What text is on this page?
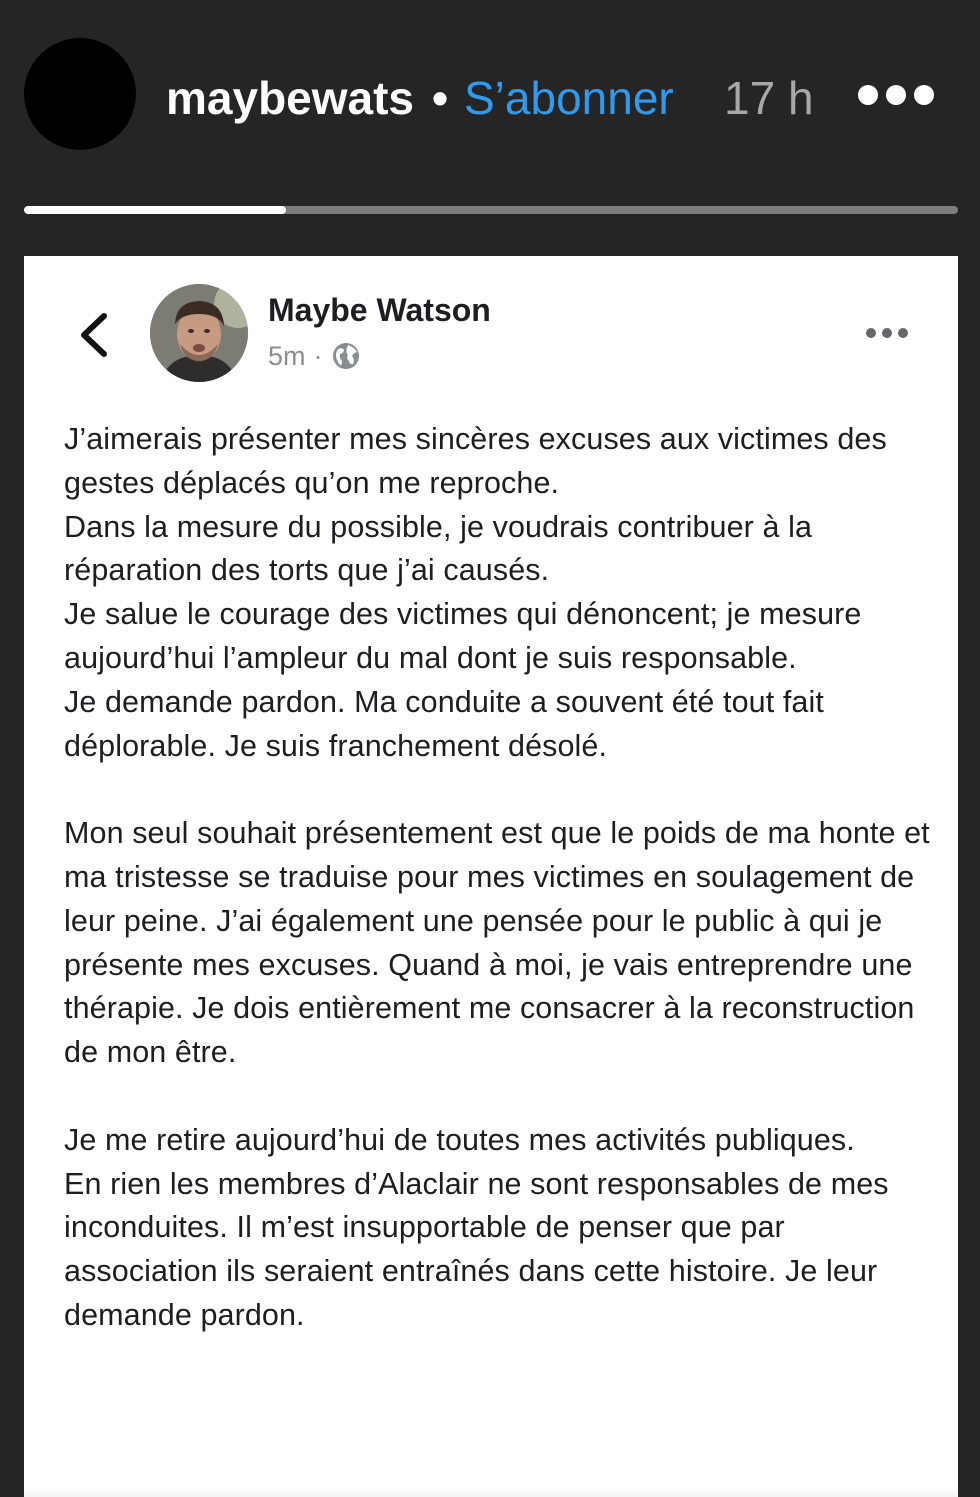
maybewats • S’abonner 17 h
Maybe Watson
5m ·

J’aimerais présenter mes sincères excuses aux victimes des gestes déplacés qu’on me reproche.

Dans la mesure du possible, je voudrais contribuer à la réparation des torts que j’ai causés.

Je salue le courage des victimes qui dénoncent; je mesure aujourd’hui l’ampleur du mal dont je suis responsable.

Je demande pardon. Ma conduite a souvent été tout fait déplorable. Je suis franchement désolé.

Mon seul souhait présentement est que le poids de ma honte et ma tristesse se traduise pour mes victimes en soulagement de leur peine. J’ai également une pensée pour le public à qui je présente mes excuses. Quand à moi, je vais entreprendre une thérapie. Je dois entièrement me consacrer à la reconstruction de mon être.

Je me retire aujourd’hui de toutes mes activités publiques.

En rien les membres d’Alaclair ne sont responsables de mes inconduites. Il m’est insupportable de penser que par association ils seraient entraînés dans cette histoire. Je leur demande pardon.
